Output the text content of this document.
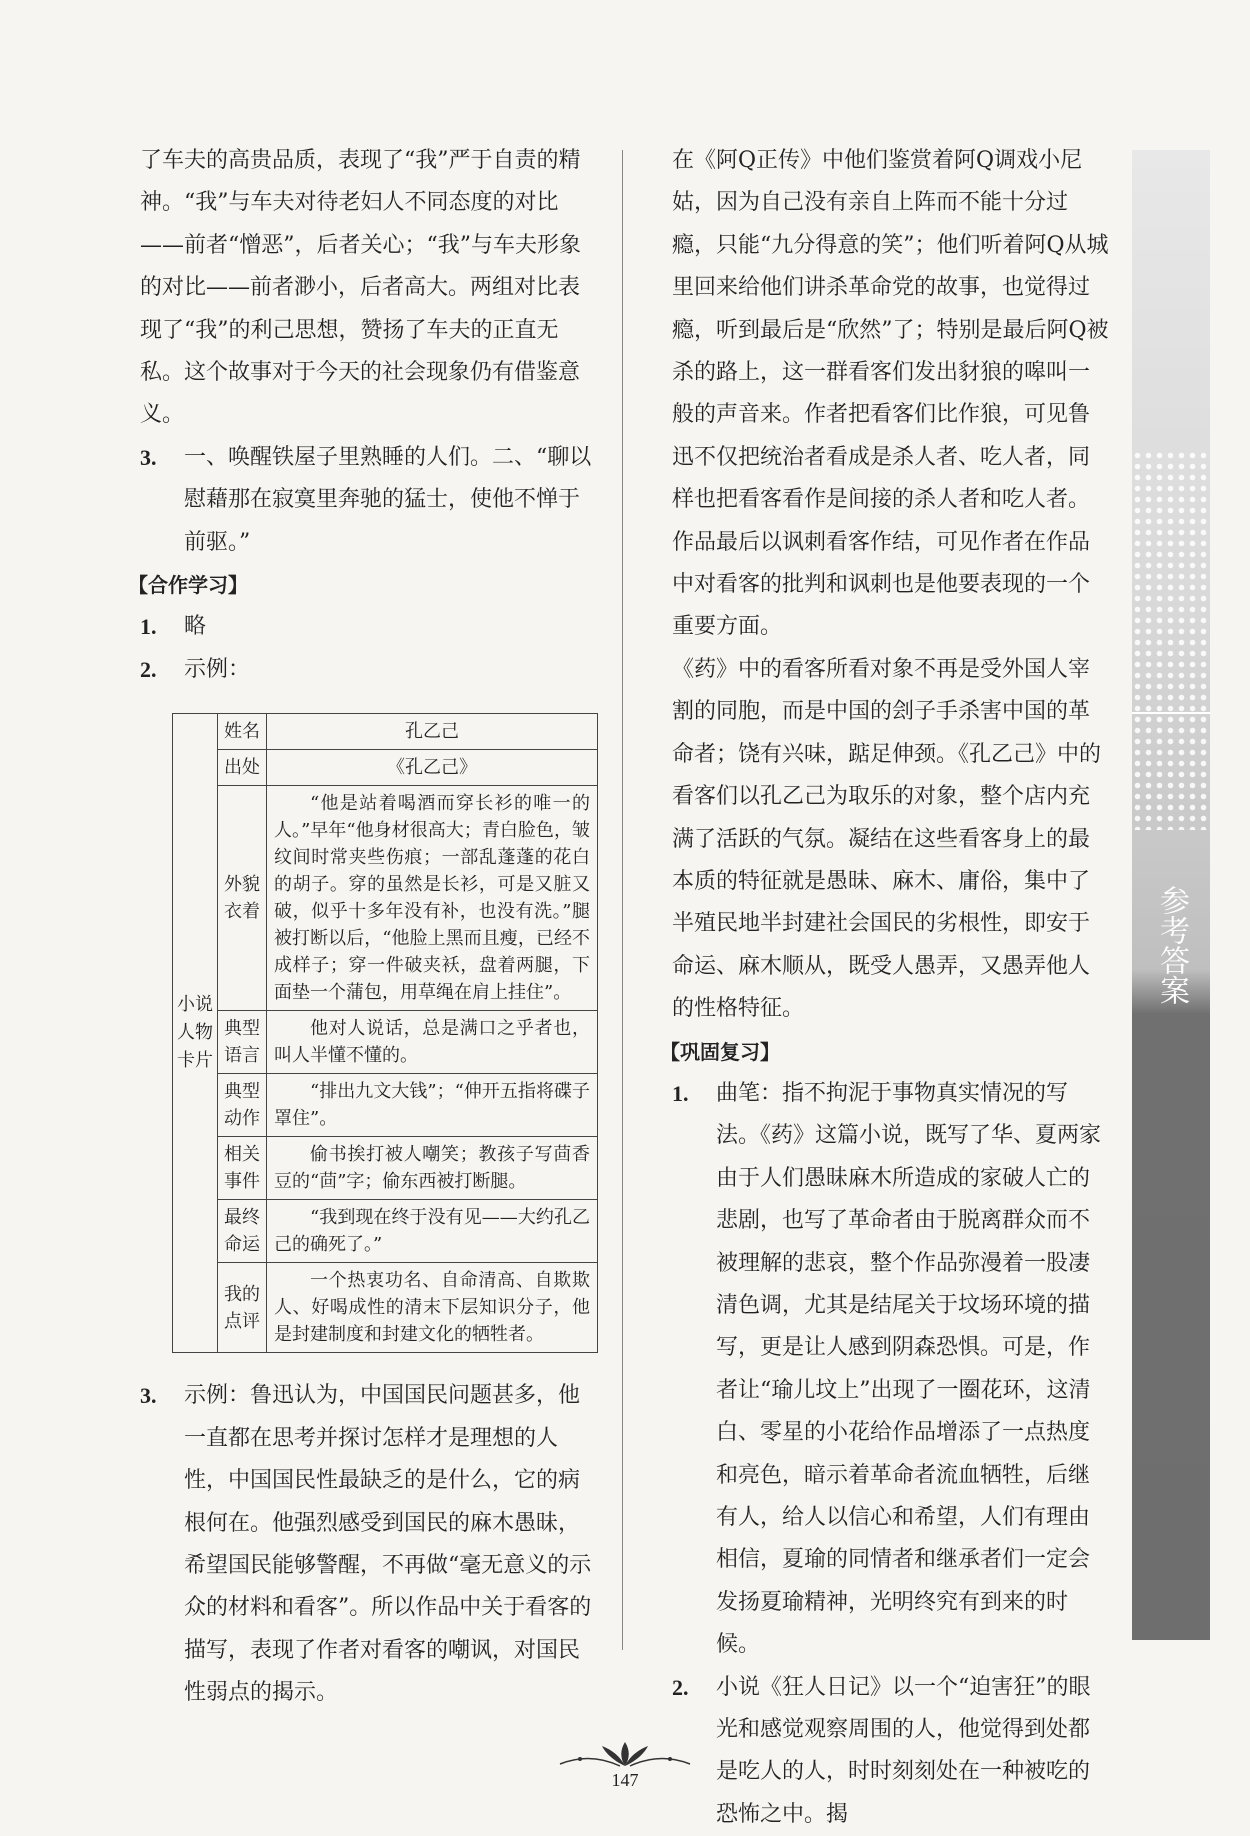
了车夫的高贵品质，表现了“我”严于自责的精神。“我”与车夫对待老妇人不同态度的对比——前者“憎恶”，后者关心；“我”与车夫形象的对比——前者渺小，后者高大。两组对比表现了“我”的利己思想，赞扬了车夫的正直无私。这个故事对于今天的社会现象仍有借鉴意义。

3. 一、唤醒铁屋子里熟睡的人们。二、“聊以慰藉那在寂寞里奔驰的猛士，使他不惮于前驱。”

【合作学习】

1. 略

2. 示例：

小说人物卡片	姓名	孔乙己
	出处	《孔乙己》
	外貌衣着	“他是站着喝酒而穿长衫的唯一的人。”早年“他身材很高大；青白脸色，皱纹间时常夹些伤痕；一部乱蓬蓬的花白的胡子。穿的虽然是长衫，可是又脏又破，似乎十多年没有补，也没有洗。”腿被打断以后，“他脸上黑而且瘦，已经不成样子；穿一件破夹袄，盘着两腿，下面垫一个蒲包，用草绳在肩上挂住”。
	典型语言	他对人说话，总是满口之乎者也，叫人半懂不懂的。
	典型动作	“排出九文大钱”；“伸开五指将碟子罩住”。
	相关事件	偷书挨打被人嘲笑；教孩子写茴香豆的“茴”字；偷东西被打断腿。
	最终命运	“我到现在终于没有见——大约孔乙己的确死了。”
	我的点评	一个热衷功名、自命清高、自欺欺人、好喝成性的清末下层知识分子，他是封建制度和封建文化的牺牲者。

3. 示例：鲁迅认为，中国国民问题甚多，他一直都在思考并探讨怎样才是理想的人性，中国国民性最缺乏的是什么，它的病根何在。他强烈感受到国民的麻木愚昧，希望国民能够警醒，不再做“毫无意义的示众的材料和看客”。所以作品中关于看客的描写，表现了作者对看客的嘲讽，对国民性弱点的揭示。

在《阿Q正传》中他们鉴赏着阿Q调戏小尼姑，因为自己没有亲自上阵而不能十分过瘾，只能“九分得意的笑”；他们听着阿Q从城里回来给他们讲杀革命党的故事，也觉得过瘾，听到最后是“欣然”了；特别是最后阿Q被杀的路上，这一群看客们发出豺狼的嗥叫一般的声音来。作者把看客们比作狼，可见鲁迅不仅把统治者看成是杀人者、吃人者，同样也把看客看作是间接的杀人者和吃人者。作品最后以讽刺看客作结，可见作者在作品中对看客的批判和讽刺也是他要表现的一个重要方面。

《药》中的看客所看对象不再是受外国人宰割的同胞，而是中国的刽子手杀害中国的革命者；饶有兴味，踮足伸颈。《孔乙己》中的看客们以孔乙己为取乐的对象，整个店内充满了活跃的气氛。凝结在这些看客身上的最本质的特征就是愚昧、麻木、庸俗，集中了半殖民地半封建社会国民的劣根性，即安于命运、麻木顺从，既受人愚弄，又愚弄他人的性格特征。

【巩固复习】

1. 曲笔：指不拘泥于事物真实情况的写法。《药》这篇小说，既写了华、夏两家由于人们愚昧麻木所造成的家破人亡的悲剧，也写了革命者由于脱离群众而不被理解的悲哀，整个作品弥漫着一股凄清色调，尤其是结尾关于坟场环境的描写，更是让人感到阴森恐惧。可是，作者让“瑜儿坟上”出现了一圈花环，这清白、零星的小花给作品增添了一点热度和亮色，暗示着革命者流血牺牲，后继有人，给人以信心和希望，人们有理由相信，夏瑜的同情者和继承者们一定会发扬夏瑜精神，光明终究有到来的时候。

2. 小说《狂人日记》以一个“迫害狂”的眼光和感觉观察周围的人，他觉得到处都是吃人的人，时时刻刻处在一种被吃的恐怖之中。揭

参考答案
147
